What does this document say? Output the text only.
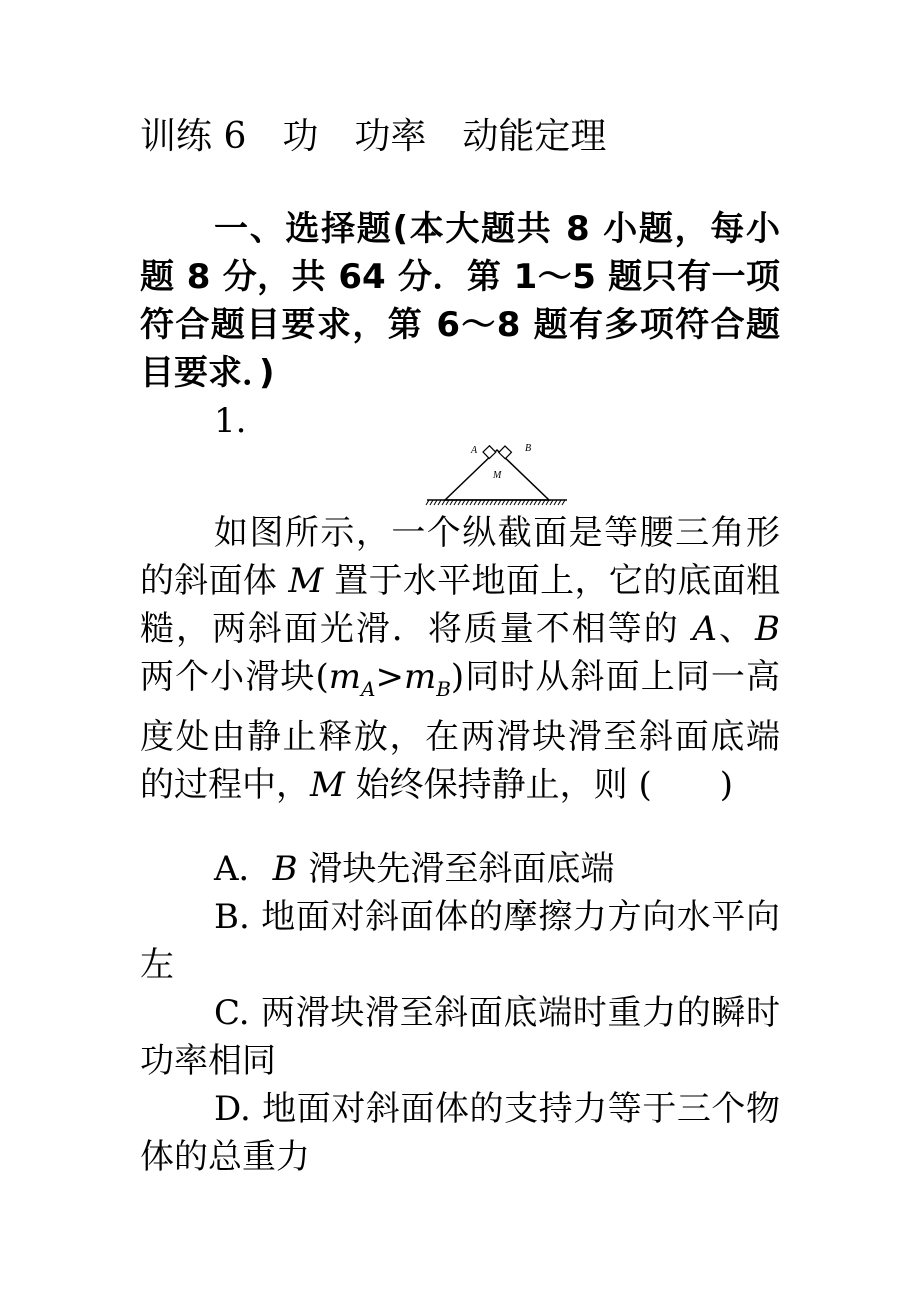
训练 6　功　功率　动能定理
一、选择题(本大题共 8 小题，每小题 8 分，共 64 分．第 1～5 题只有一项符合题目要求，第 6～8 题有多项符合题目要求．)
1.
A	B
M
如图所示，一个纵截面是等腰三角形的斜面体 M 置于水平地面上，它的底面粗糙，两斜面光滑．将质量不相等的 A、B 两个小滑块$(m_A>m_B)$同时从斜面上同一高度处由静止释放，在两滑块滑至斜面底端的过程中，M 始终保持静止，则 (　　)
A．B 滑块先滑至斜面底端
B. 地面对斜面体的摩擦力方向水平向左
C. 两滑块滑至斜面底端时重力的瞬时功率相同
D. 地面对斜面体的支持力等于三个物体的总重力
